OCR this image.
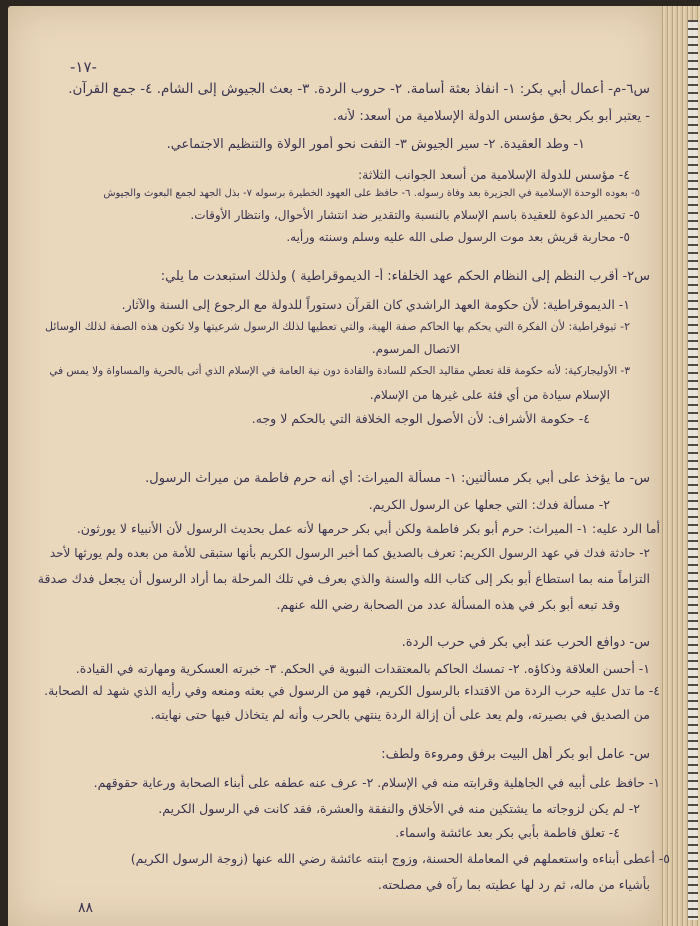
-١٧-
س٦-م- أعمال أبي بكر: ١- انفاذ بعثة أسامة. ٢- حروب الردة. ٣- بعث الجيوش إلى الشام. ٤- جمع القرآن.
- يعتبر أبو بكر بحق مؤسس الدولة الإسلامية من أسعد: لأنه.
١- وطد العقيدة. ٢- سير الجيوش ٣- التفت نحو أمور الولاة والتنظيم الاجتماعي.
٤- مؤسس للدولة الإسلامية من أسعد الجوانب الثلاثة:
٥- بعوده الوحدة الإسلامية في الجزيرة بعد وفاة رسوله. ٦- حافظ على العهود الخطيرة برسوله ٧- بذل الجهد لجمع البعوث والجيوش
٥- تحمير الدعوة للعقيدة باسم الإسلام بالنسبة والتقدير ضد انتشار الأحوال، وانتظار الأوقات.
٥- محاربة قريش بعد موت الرسول صلى الله عليه وسلم وسنته ورأيه.
س٢- أقرب النظم إلى النظام الحكم عهد الخلفاء: أ- الديموقراطية ) ولذلك استبعدت ما يلي:
١- الديموقراطية: لأن حكومة العهد الراشدي كان القرآن دستوراً للدولة مع الرجوع إلى السنة والآثار.
٢- ثيوقراطية: لأن الفكرة التي يحكم بها الحاكم صفة الهية، والتي تعطيها لذلك الرسول شرعيتها ولا تكون هذه الصفة لذلك الوسائل
الاتصال المرسوم.
٣- الأوليجاركية: لأنه حكومة قلة تعطي مقاليد الحكم للسادة والقادة دون نية العامة في الإسلام الذي أتى بالحرية والمساواة ولا يمس في
الإسلام سيادة من أي فئة على غيرها من الإسلام.
٤- حكومة الأشراف: لأن الأصول الوجه الخلافة التي بالحكم لا وجه.
س- ما يؤخذ على أبي بكر مسألتين: ١- مسألة الميراث: أي أنه حرم فاطمة من ميراث الرسول.
٢- مسألة فدك: التي جعلها عن الرسول الكريم.
أما الرد عليه: ١- الميراث: حرم أبو بكر فاطمة ولكن أبي بكر حرمها لأنه عمل بحديث الرسول لأن الأنبياء لا يورثون.
٢- حادثة فدك في عهد الرسول الكريم: تعرف بالصديق كما أخبر الرسول الكريم بأنها ستبقى للأمة من بعده ولم يورثها لأحد
التزاماً منه بما استطاع أبو بكر إلى كتاب الله والسنة والذي بعرف في تلك المرحلة بما أراد الرسول أن يجعل فدك صدقة
وقد تبعه أبو بكر في هذه المسألة عدد من الصحابة رضي الله عنهم.
س- دوافع الحرب عند أبي بكر في حرب الردة.
١- أحسن العلاقة وذكاؤه. ٢- تمسك الحاكم بالمعتقدات النبوية في الحكم. ٣- خبرته العسكرية ومهارته في القيادة.
٤- ما تدل عليه حرب الردة من الاقتداء بالرسول الكريم، فهو من الرسول في بعثه ومنعه وفي رأيه الذي شهد له الصحابة.
من الصديق في بصيرته، ولم يعد على أن إزالة الردة ينتهي بالحرب وأنه لم يتخاذل فيها حتى نهايته.
س- عامل أبو بكر أهل البيت برفق ومروءة ولطف:
١- حافظ على أبيه في الجاهلية وقرابته منه في الإسلام. ٢- عرف عنه عطفه على أبناء الصحابة ورعاية حقوقهم.
٢- لم يكن لزوجاته ما يشتكين منه في الأخلاق والنفقة والعشرة، فقد كانت في الرسول الكريم.
٤- تعلق فاطمة بأبي بكر بعد عائشة واسماء.
٥- أعطى أبناءه واستعملهم في المعاملة الحسنة، وزوج ابنته عائشة رضي الله عنها (زوجة الرسول الكريم)
بأشياء من ماله، ثم رد لها عطيته بما رآه في مصلحته.
٨٨
